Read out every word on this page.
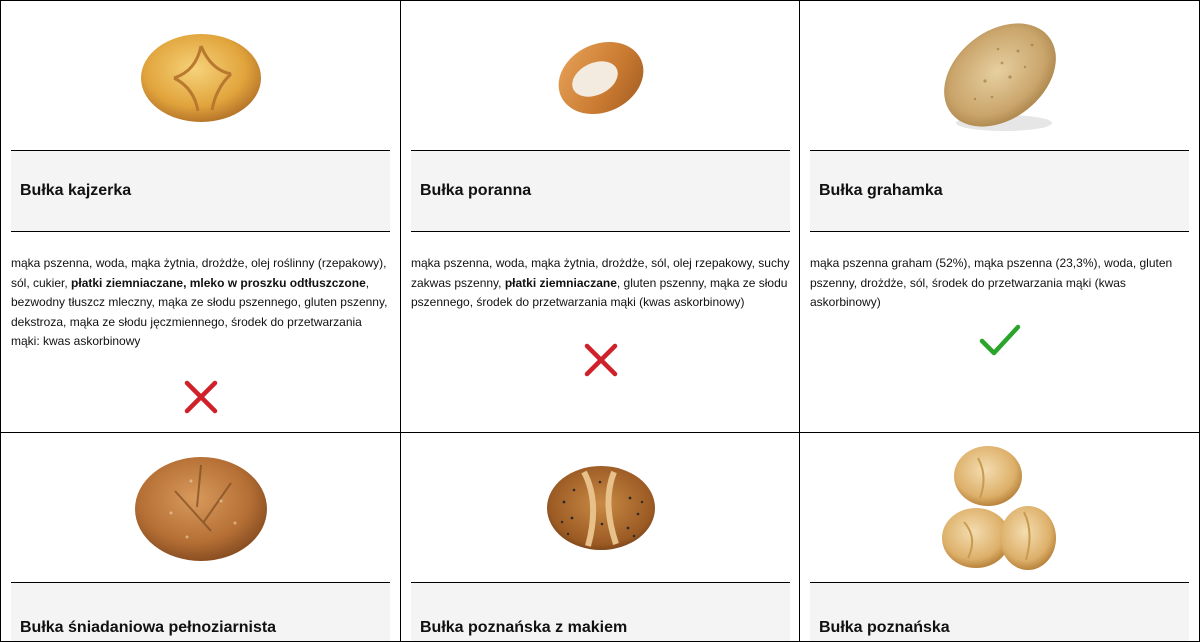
Bułka kajzerka
mąka pszenna, woda, mąka żytnia, drożdże, olej roślinny (rzepakowy), sól, cukier, płatki ziemniaczane, mleko w proszku odtłuszczone, bezwodny tłuszcz mleczny, mąka ze słodu pszennego, gluten pszenny, dekstroza, mąka ze słodu jęczmiennego, środek do przetwarzania mąki: kwas askorbinowy
Bułka poranna
mąka pszenna, woda, mąka żytnia, drożdże, sól, olej rzepakowy, suchy zakwas pszenny, płatki ziemniaczane, gluten pszenny, mąka ze słodu pszennego, środek do przetwarzania mąki (kwas askorbinowy)
Bułka grahamka
mąka pszenna graham (52%), mąka pszenna (23,3%), woda, gluten pszenny, drożdże, sól, środek do przetwarzania mąki (kwas askorbinowy)
Bułka śniadaniowa pełnoziarnista	Bułka poznańska z makiem	Bułka poznańska
